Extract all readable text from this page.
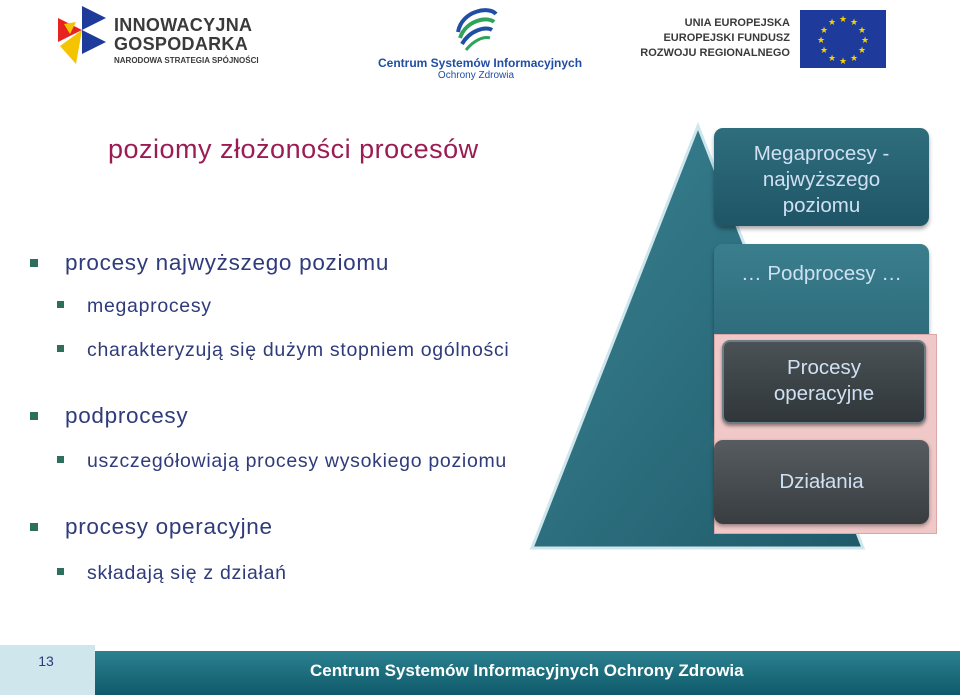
INNOWACYJNA
GOSPODARKA
NARODOWA STRATEGIA SPÓJNOŚCI	Centrum Systemów Informacyjnych
Ochrony Zdrowia
UNIA EUROPEJSKA
EUROPEJSKI FUNDUSZ
ROZWOJU REGIONALNEGO
★ ★
★
★
★
★
★
★
★
★
★
★
poziomy złożoności procesów
procesy najwyższego poziomu
megaprocesy
charakteryzują się dużym stopniem ogólności
podprocesy
uszczegółowiają procesy wysokiego poziomu
procesy operacyjne
składają się z działań
Megaprocesy - najwyższego poziomu
… Podprocesy …
Procesy operacyjne
Działania
13	Centrum Systemów Informacyjnych Ochrony Zdrowia
